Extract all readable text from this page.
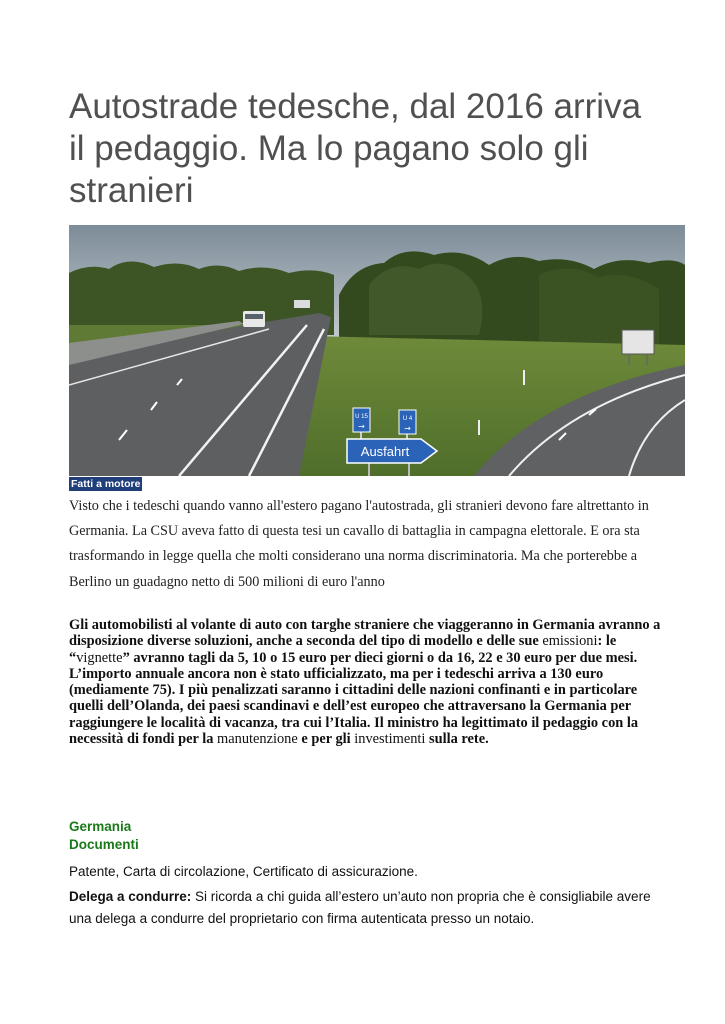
Autostrade tedesche, dal 2016 arriva il pedaggio. Ma lo pagano solo gli stranieri
U 15
→
U 4
→
Ausfahrt
Fatti a motore

Visto che i tedeschi quando vanno all'estero pagano l'autostrada, gli stranieri devono fare altrettanto in Germania. La CSU aveva fatto di questa tesi un cavallo di battaglia in campagna elettorale. E ora sta trasformando in legge quella che molti considerano una norma discriminatoria. Ma che porterebbe a Berlino un guadagno netto di 500 milioni di euro l'anno

Gli automobilisti al volante di auto con targhe straniere che viaggeranno in Germania avranno a disposizione diverse soluzioni, anche a seconda del tipo di modello e delle sue emissioni: le “vignette” avranno tagli da 5, 10 o 15 euro per dieci giorni o da 16, 22 e 30 euro per due mesi. L’importo annuale ancora non è stato ufficializzato, ma per i tedeschi arriva a 130 euro (mediamente 75). I più penalizzati saranno i cittadini delle nazioni confinanti e in particolare quelli dell’Olanda, dei paesi scandinavi e dell’est europeo che attraversano la Germania per raggiungere le località di vacanza, tra cui l’Italia. Il ministro ha legittimato il pedaggio con la necessità di fondi per la manutenzione e per gli investimenti sulla rete.

Germania
Documenti

Patente, Carta di circolazione, Certificato di assicurazione.

Delega a condurre: Si ricorda a chi guida all’estero un’auto non propria che è consigliabile avere una delega a condurre del proprietario con firma autenticata presso un notaio.
